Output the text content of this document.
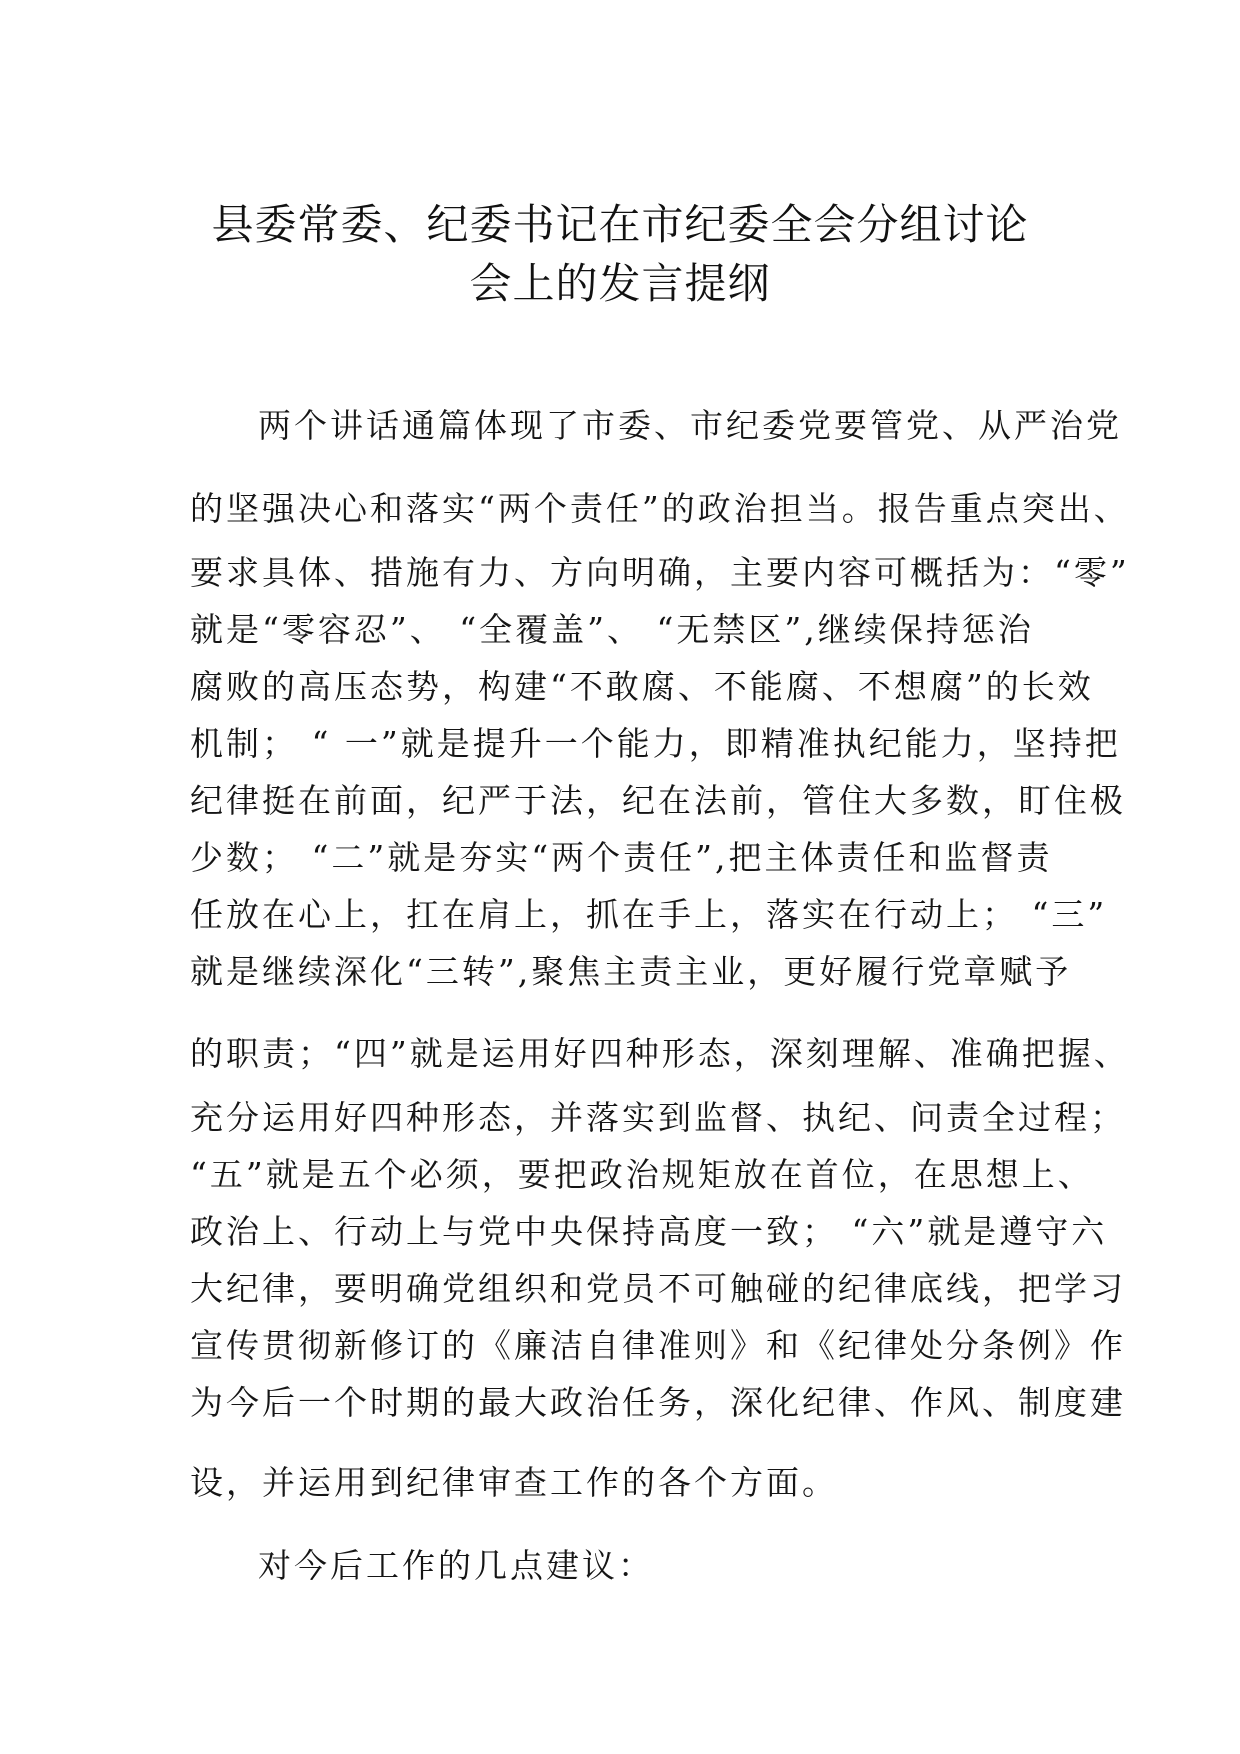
县委常委、纪委书记在市纪委全会分组讨论
会上的发言提纲
两个讲话通篇体现了市委、市纪委党要管党、从严治党
的坚强决心和落实“两个责任”的政治担当。报告重点突出、
要求具体、措施有力、方向明确，主要内容可概括为：“零”
就是“零容忍”、 “全覆盖”、 “无禁区”,继续保持惩治
腐败的高压态势，构建“不敢腐、不能腐、不想腐”的长效
机制； “ 一”就是提升一个能力，即精准执纪能力，坚持把
纪律挺在前面，纪严于法，纪在法前，管住大多数，盯住极
少数； “二”就是夯实“两个责任”,把主体责任和监督责
任放在心上，扛在肩上，抓在手上，落实在行动上； “三”
就是继续深化“三转”,聚焦主责主业，更好履行党章赋予
的职责；“四”就是运用好四种形态，深刻理解、准确把握、
充分运用好四种形态，并落实到监督、执纪、问责全过程；
“五”就是五个必须，要把政治规矩放在首位，在思想上、
政治上、行动上与党中央保持高度一致； “六”就是遵守六
大纪律，要明确党组织和党员不可触碰的纪律底线，把学习
宣传贯彻新修订的《廉洁自律准则》和《纪律处分条例》作
为今后一个时期的最大政治任务，深化纪律、作风、制度建
设，并运用到纪律审查工作的各个方面。
对今后工作的几点建议：
